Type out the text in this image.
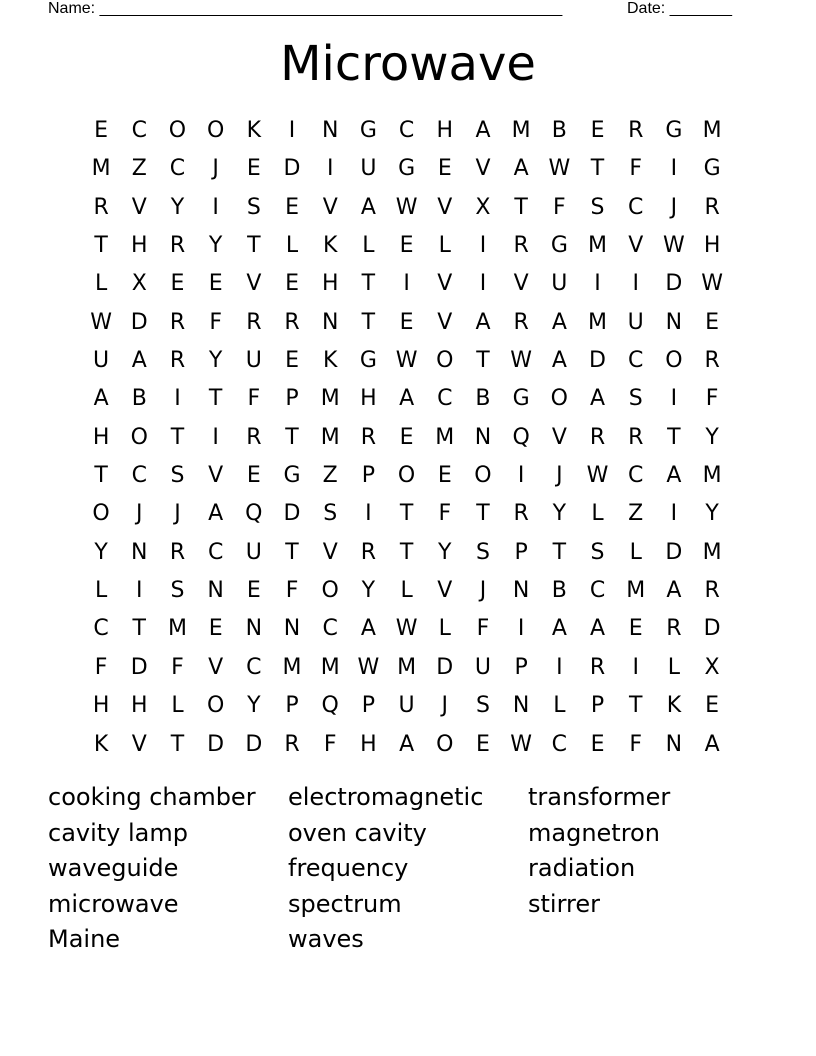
Name: ____________________________________________________	Date: _______
Microwave
E	C O O	K	I	N G C	H	A M B	E	R	G M
M Z	C	J	E	D	I	U G	E	V	A W T	F	I	G
R	V	Y	I	S	E	V	A W V	X	T	F	S	C	J	R
T	H	R	Y	T	L	K	L	E	L	I	R	G M V W H
L	X	E	E	V	E	H	T	I	V	I	V	U	I	I	D W
W D	R	F	R	R	N	T	E	V	A	R	A M U N	E
U	A	R	Y	U	E	K	G W O	T W A	D	C O R
A	B	I	T	F	P	M H	A	C	B	G O	A	S	I	F
H O	T	I	R	T M R	E M N Q	V	R	R	T	Y
T	C	S	V	E	G	Z	P	O	E	O	I	J	W C	A M
O	J	J	A Q D	S	I	T	F	T	R	Y	L	Z	I	Y
Y	N	R	C	U	T	V	R	T	Y	S	P	T	S	L	D M
L	I	S	N	E	F	O	Y	L	V	J	N	B	C M A	R
C	T M E	N N	C	A W L	F	I	A	A	E	R	D
F	D	F	V	C M M W M D U	P	I	R	I	L	X
H H	L	O	Y	P	Q	P	U	J	S	N	L	P	T	K	E
K	V	T	D D	R	F	H	A O	E W C	E	F	N	A
cooking chamber
cavity lamp
waveguide
microwave
Maine
electromagnetic
oven cavity
frequency
spectrum
waves
transformer
magnetron
radiation
stirrer
